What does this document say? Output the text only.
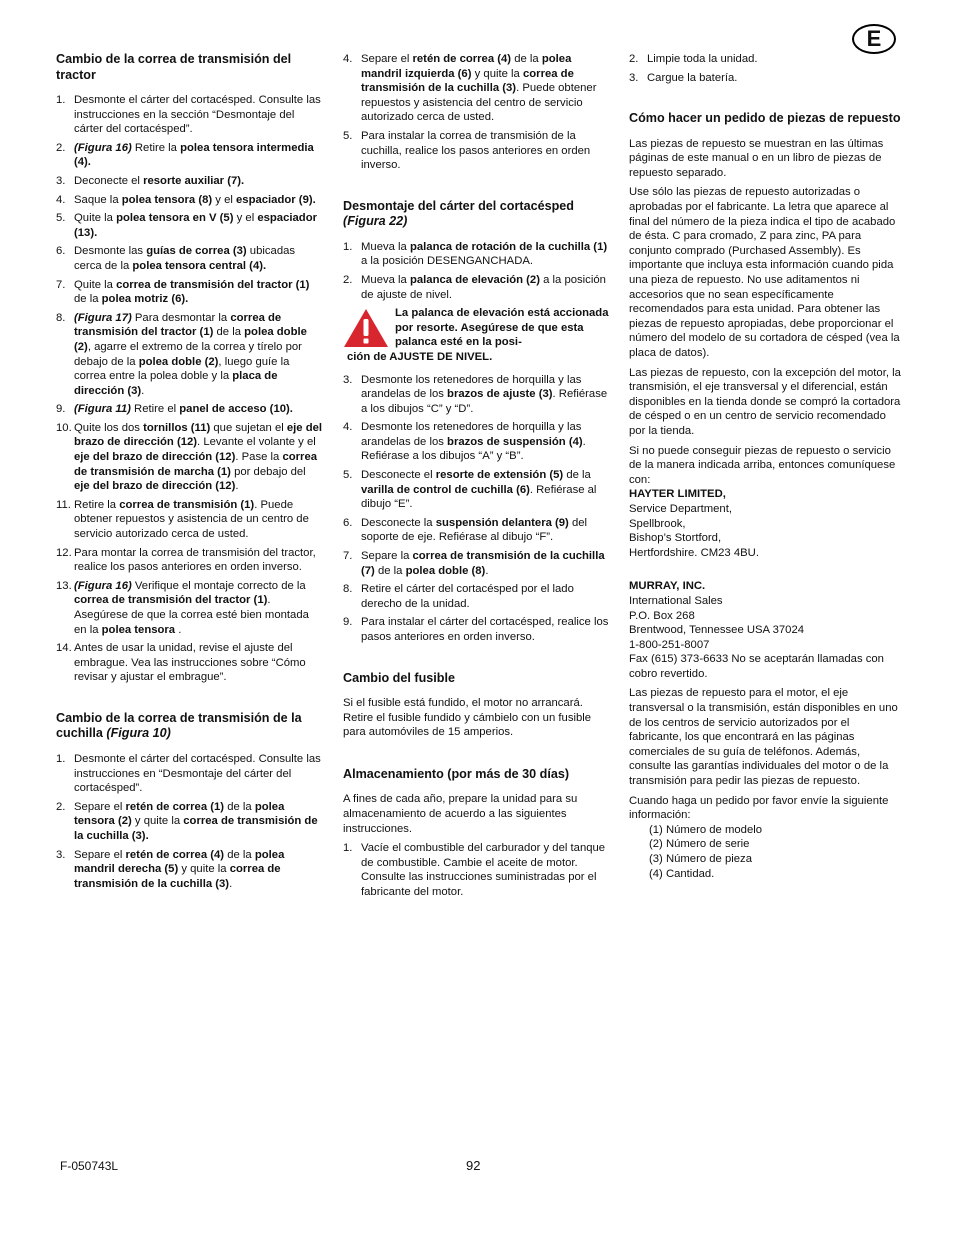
E
Cambio de la correa de transmisión del tractor
1. Desmonte el cárter del cortacésped. Consulte las instrucciones en la sección “Desmontaje del cárter del cortacésped”.
2. (Figura 16) Retire la polea tensora intermedia (4).
3. Deconecte el resorte auxiliar (7).
4. Saque la polea tensora (8) y el espaciador (9).
5. Quite la polea tensora en V (5) y el espaciador (13).
6. Desmonte las guías de correa (3) ubicadas cerca de la polea tensora central (4).
7. Quite la correa de transmisión del tractor (1) de la polea motriz (6).
8. (Figura 17) Para desmontar la correa de transmisión del tractor (1) de la polea doble (2), agarre el extremo de la correa y tírelo por debajo de la polea doble (2), luego guíe la correa entre la polea doble y la placa de dirección (3).
9. (Figura 11) Retire el panel de acceso (10).
10. Quite los dos tornillos (11) que sujetan el eje del brazo de dirección (12). Levante el volante y el eje del brazo de dirección (12). Pase la correa de transmisión de marcha (1) por debajo del eje del brazo de dirección (12).
11. Retire la correa de transmisión (1). Puede obtener repuestos y asistencia de un centro de servicio autorizado cerca de usted.
12. Para montar la correa de transmisión del tractor, realice los pasos anteriores en orden inverso.
13. (Figura 16) Verifique el montaje correcto de la correa de transmisión del tractor (1). Asegúrese de que la correa esté bien montada en la polea tensora .
14. Antes de usar la unidad, revise el ajuste del embrague. Vea las instrucciones sobre “Cómo revisar y ajustar el embrague”.
Cambio de la correa de transmisión de la cuchilla (Figura 10)
1. Desmonte el cárter del cortacésped. Consulte las instrucciones en “Desmontaje del cárter del cortacésped”.
2. Separe el retén de correa (1) de la polea tensora (2) y quite la correa de transmisión de la cuchilla (3).
3. Separe el retén de correa (4) de la polea mandril derecha (5) y quite la correa de transmisión de la cuchilla (3).
4. Separe el retén de correa (4) de la polea mandril izquierda (6) y quite la correa de transmisión de la cuchilla (3). Puede obtener repuestos y asistencia del centro de servicio autorizado cerca de usted.
5. Para instalar la correa de transmisión de la cuchilla, realice los pasos anteriores en orden inverso.
Desmontaje del cárter del cortacésped (Figura 22)
1. Mueva la palanca de rotación de la cuchilla (1) a la posición DESENGANCHADA.
2. Mueva la palanca de elevación (2) a la posición de ajuste de nivel.
La palanca de elevación está accionada por resorte. Asegúrese de que esta palanca esté en la posi-
ción de AJUSTE DE NIVEL.
3. Desmonte los retenedores de horquilla y las arandelas de los brazos de ajuste (3). Refiérase a los dibujos “C” y “D”.
4. Desmonte los retenedores de horquilla y las arandelas de los brazos de suspensión (4). Refiérase a los dibujos “A” y “B”.
5. Desconecte el resorte de extensión (5) de la varilla de control de cuchilla (6). Refiérase al dibujo “E”.
6. Desconecte la suspensión delantera (9) del soporte de eje. Refiérase al dibujo “F”.
7. Separe la correa de transmisión de la cuchilla (7) de la polea doble (8).
8. Retire el cárter del cortacésped por el lado derecho de la unidad.
9. Para instalar el cárter del cortacésped, realice los pasos anteriores en orden inverso.
Cambio del fusible

Si el fusible está fundido, el motor no arrancará. Retire el fusible fundido y cámbielo con un fusible para automóviles de 15 amperios.

Almacenamiento (por más de 30 días)

A fines de cada año, prepare la unidad para su almacenamiento de acuerdo a las siguientes instrucciones.

1. Vacíe el combustible del carburador y del tanque de combustible. Cambie el aceite de motor. Consulte las instrucciones suministradas por el fabricante del motor.
2. Limpie toda la unidad.
3. Cargue la batería.
Cómo hacer un pedido de piezas de repuesto

Las piezas de repuesto se muestran en las últimas páginas de este manual o en un libro de piezas de repuesto separado.

Use sólo las piezas de repuesto autorizadas o aprobadas por el fabricante. La letra que aparece al final del número de la pieza indica el tipo de acabado de ésta. C para cromado, Z para zinc, PA para conjunto comprado (Purchased Assembly). Es importante que incluya esta información cuando pida una pieza de repuesto. No use aditamentos ni accesorios que no sean específicamente recomendados para esta unidad. Para obtener las piezas de repuesto apropiadas, debe proporcionar el número del modelo de su cortadora de césped (vea la placa de datos).

Las piezas de repuesto, con la excepción del motor, la transmisión, el eje transversal y el diferencial, están disponibles en la tienda donde se compró la cortadora de césped o en un centro de servicio recomendado por la tienda.

Si no puede conseguir piezas de repuesto o servicio de la manera indicada arriba, entonces comuníquese con:

HAYTER LIMITED,
Service Department,
Spellbrook,
Bishop’s Stortford,
Hertfordshire. CM23 4BU.
MURRAY, INC.
International Sales
P.O. Box 268
Brentwood, Tennessee USA 37024
1-800-251-8007
Fax (615) 373-6633 No se aceptarán llamadas con cobro revertido.

Las piezas de repuesto para el motor, el eje transversal o la transmisión, están disponibles en uno de los centros de servicio autorizados por el fabricante, los que encontrará en las páginas comerciales de su guía de teléfonos. Además, consulte las garantías individuales del motor o de la transmisión para pedir las piezas de repuesto.

Cuando haga un pedido por favor envíe la siguiente información:

(1) Número de modelo
(2) Número de serie
(3) Número de pieza
(4) Cantidad.
F-050743L	92
